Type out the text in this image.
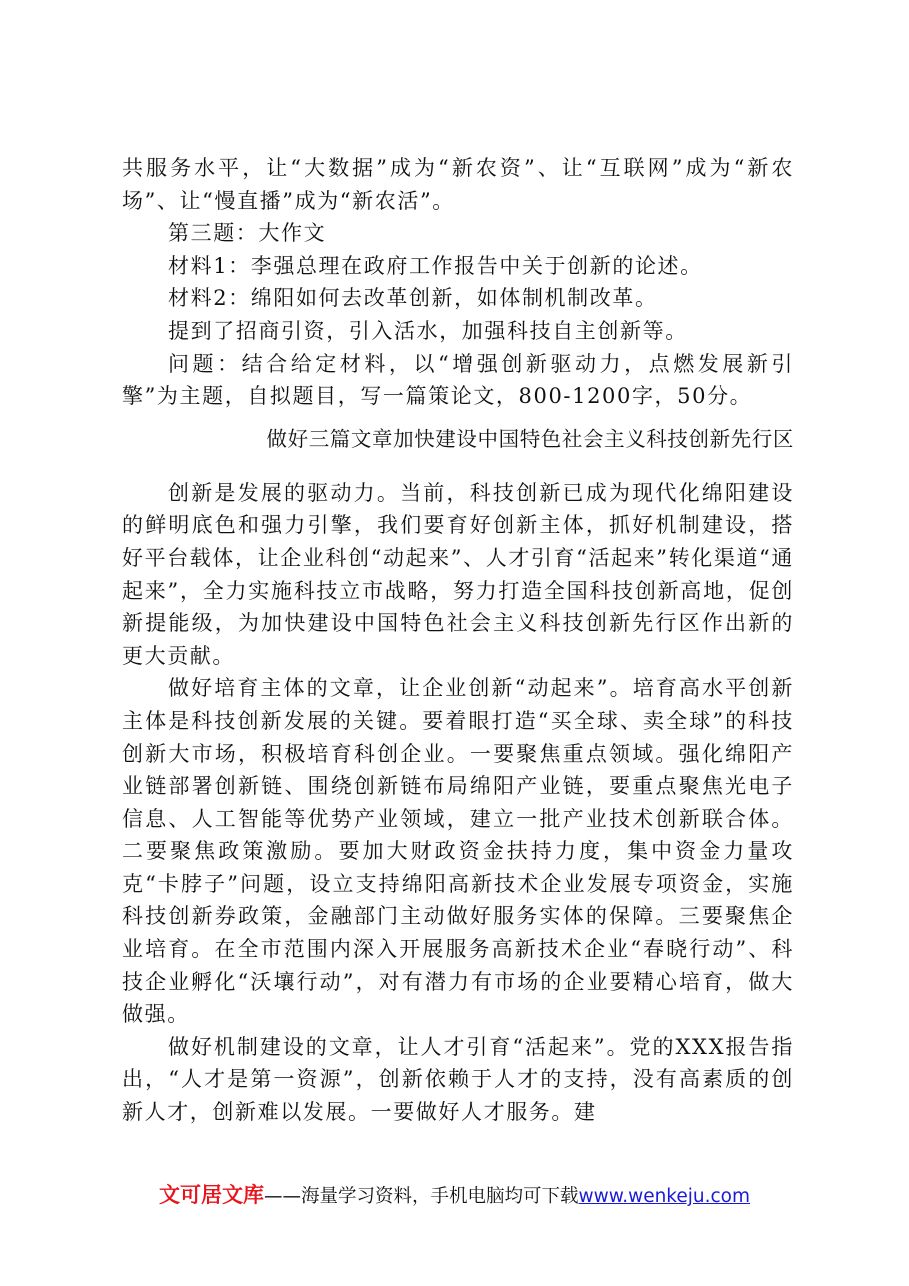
共服务水平，让“大数据”成为“新农资”、让“互联网”成为“新农场”、让“慢直播”成为“新农活”。

第三题：大作文

材料1：李强总理在政府工作报告中关于创新的论述。

材料2：绵阳如何去改革创新，如体制机制改革。

提到了招商引资，引入活水，加强科技自主创新等。

问题：结合给定材料，以“增强创新驱动力，点燃发展新引擎”为主题，自拟题目，写一篇策论文，800-1200字，50分。

做好三篇文章加快建设中国特色社会主义科技创新先行区

创新是发展的驱动力。当前，科技创新已成为现代化绵阳建设的鲜明底色和强力引擎，我们要育好创新主体，抓好机制建设，搭好平台载体，让企业科创“动起来”、人才引育“活起来”转化渠道“通起来”，全力实施科技立市战略，努力打造全国科技创新高地，促创新提能级，为加快建设中国特色社会主义科技创新先行区作出新的更大贡献。

做好培育主体的文章，让企业创新“动起来”。培育高水平创新主体是科技创新发展的关键。要着眼打造“买全球、卖全球”的科技创新大市场，积极培育科创企业。一要聚焦重点领域。强化绵阳产业链部署创新链、围绕创新链布局绵阳产业链，要重点聚焦光电子信息、人工智能等优势产业领域，建立一批产业技术创新联合体。二要聚焦政策激励。要加大财政资金扶持力度，集中资金力量攻克“卡脖子”问题，设立支持绵阳高新技术企业发展专项资金，实施科技创新券政策，金融部门主动做好服务实体的保障。三要聚焦企业培育。在全市范围内深入开展服务高新技术企业“春晓行动”、科技企业孵化“沃壤行动”，对有潜力有市场的企业要精心培育，做大做强。

做好机制建设的文章，让人才引育“活起来”。党的XXX报告指出，“人才是第一资源”，创新依赖于人才的支持，没有高素质的创新人才，创新难以发展。一要做好人才服务。建

文可居文库——海量学习资料，手机电脑均可下载www.wenkeju.com
